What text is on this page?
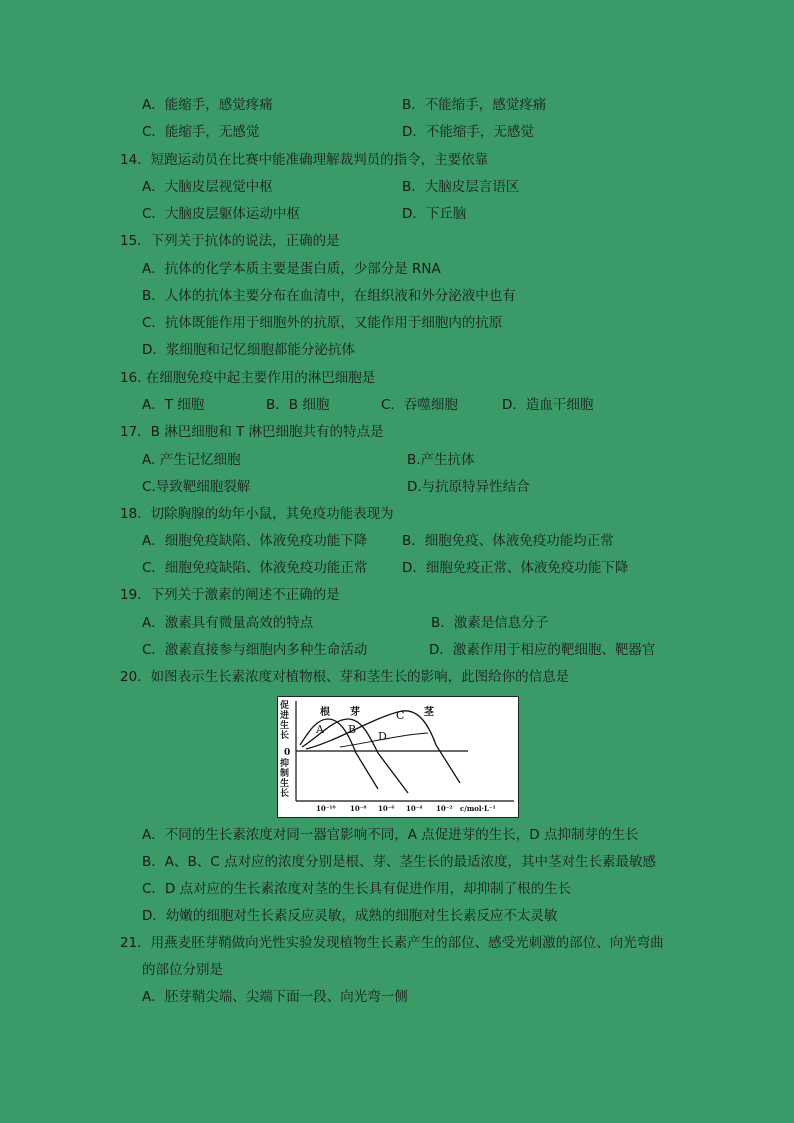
A．能缩手，感觉疼痛	B．不能缩手，感觉疼痛
C．能缩手，无感觉	D．不能缩手，无感觉
14．短跑运动员在比赛中能准确理解裁判员的指令，主要依靠
A．大脑皮层视觉中枢	B．大脑皮层言语区
C．大脑皮层躯体运动中枢	D．下丘脑
15．下列关于抗体的说法，正确的是
A．抗体的化学本质主要是蛋白质，少部分是 RNA
B．人体的抗体主要分布在血清中，在组织液和外分泌液中也有
C．抗体既能作用于细胞外的抗原，又能作用于细胞内的抗原
D．浆细胞和记忆细胞都能分泌抗体
16. 在细胞免疫中起主要作用的淋巴细胞是
A．T 细胞	B．B 细胞	C．吞噬细胞	D．造血干细胞
17．B 淋巴细胞和 T 淋巴细胞共有的特点是
A. 产生记忆细胞	B.产生抗体
C.导致靶细胞裂解	D.与抗原特异性结合
18．切除胸腺的幼年小鼠，其免疫功能表现为
A．细胞免疫缺陷、体液免疫功能下降	B．细胞免疫、体液免疫功能均正常
C．细胞免疫缺陷、体液免疫功能正常	D．细胞免疫正常、体液免疫功能下降
19．下列关于激素的阐述不正确的是
A．激素具有微量高效的特点	B．激素是信息分子
C．激素直接参与细胞内多种生命活动	D．激素作用于相应的靶细胞、靶器官
20．如图表示生长素浓度对植物根、芽和茎生长的影响，此图给你的信息是
0
根 芽	茎
A B
C
D
10⁻¹⁰ 10⁻⁸ 10⁻⁶ 10⁻⁴ 10⁻² c/mol·L⁻¹
促进生长
抑制生长
A．不同的生长素浓度对同一器官影响不同，A 点促进芽的生长，D 点抑制芽的生长
B．A、B、C 点对应的浓度分别是根、芽、茎生长的最适浓度，其中茎对生长素最敏感
C．D 点对应的生长素浓度对茎的生长具有促进作用，却抑制了根的生长
D．幼嫩的细胞对生长素反应灵敏，成熟的细胞对生长素反应不太灵敏
21．用燕麦胚芽鞘做向光性实验发现植物生长素产生的部位、感受光刺激的部位、向光弯曲
的部位分别是
A．胚芽鞘尖端、尖端下面一段、向光弯一侧
